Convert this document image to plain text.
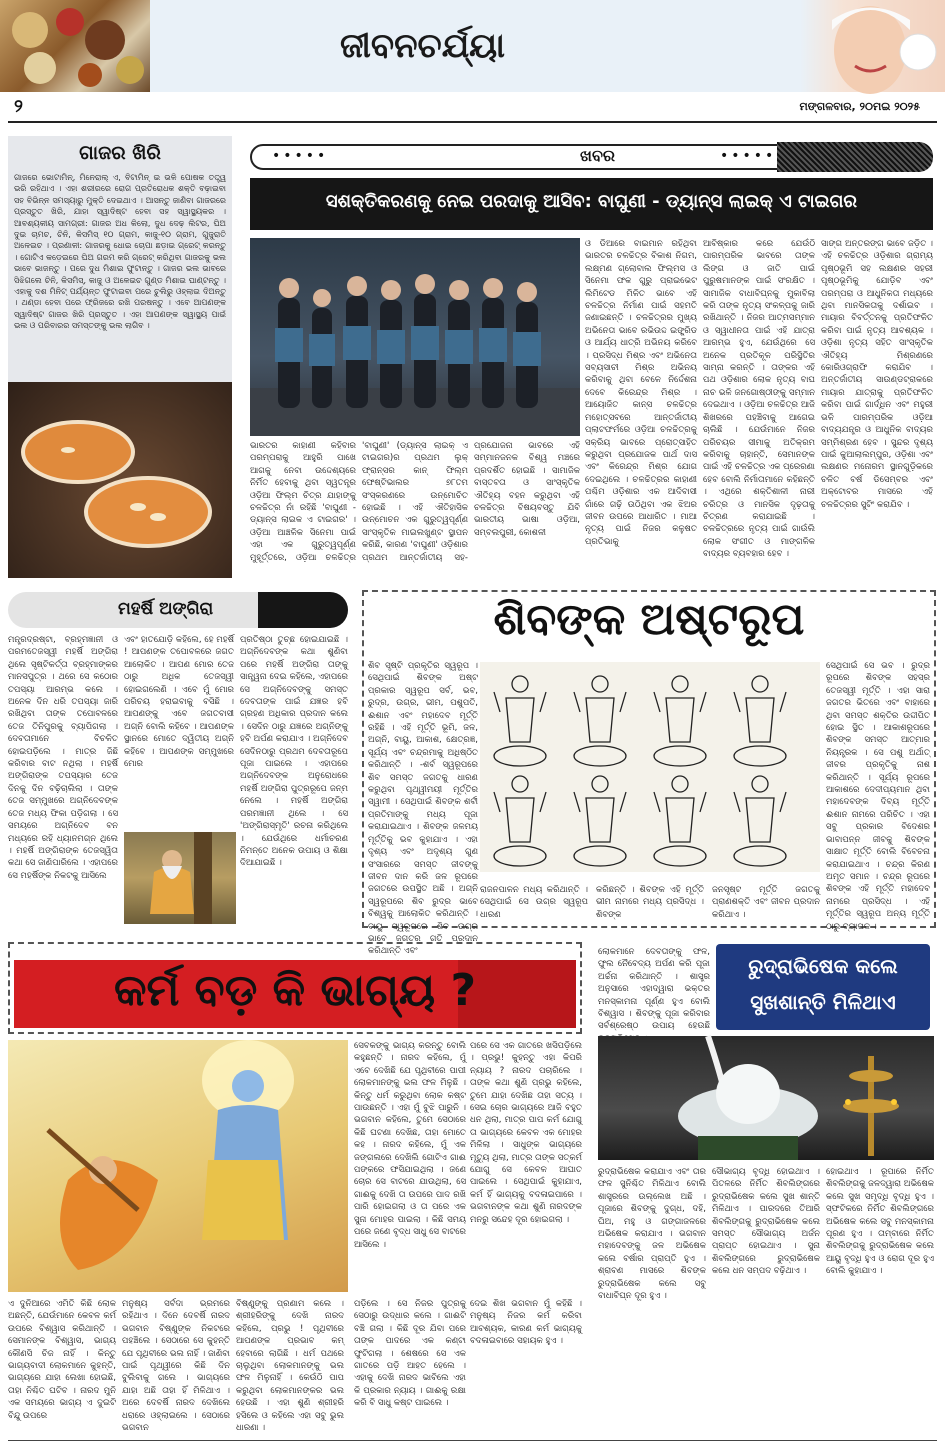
ଜୀବନଚର୍ଯ୍ୟା
୨	ମଙ୍ଗଳବାର, ୨୦ମଇ ୨୦୨୫
ଗାଜର ଖିରି
ଗାଜରେ ଭୋଟାମିନ୍, ମିନେରାଲ୍ ଏ, ବିଟାମିନ୍ ଇ ଭଳି ପୋଷକ ତତ୍ତ୍ୱ ଭରି ରହିଥାଏ । ଏହା ଶରୀରରେ ରୋଗ ପ୍ରତିରୋଧକ ଶକ୍ତି ବଢ଼ାଇବା ସହ ବିଭିନ୍ନ ସମସ୍ୟାରୁ ମୁକ୍ତି ଦେଇଥାଏ । ଆସନ୍ତୁ ଜାଣିବା ଗାଜରରେ ପ୍ରସ୍ତୁତ ଖିରି, ଯାହା ସ୍ୱାଦିଷ୍ଟ ହେବା ସହ ସ୍ୱାସ୍ଥ୍ୟକର । ଆବଶ୍ୟକୀୟ ସାମଗ୍ରୀ: ଗାଜର ଅଧ କିଲୋ, ଦୁଧ ଦେଢ଼ ଲିଟର, ଘିଅ ଦୁଇ ଚାମଚ, ଚିନି, କିସମିସ୍ ୧୦ ଗ୍ରାମ, କାଜୁ-୧୦ ଗ୍ରାମ, ଗୁଜୁରାତି ଅଳେଇଚ । ପ୍ରଣାଳୀ: ଗାଜରକୁ ଧୋଇ ଚୋପା ଛଡ଼ାଇ ଗ୍ରେଟ୍ କରନ୍ତୁ । ଗୋଟିଏ କଡ଼େଇରେ ଘିଅ ଗରମ କରି ଗ୍ରେଟ୍ କରିଥିବା ଗାଜରକୁ ଭଲ ଭାବେ ଭାଜନ୍ତୁ । ପରେ ଦୁଧ ମିଶାଇ ଫୁଟାନ୍ତୁ । ଗାଜର ଭଲ ଭାବରେ ସିଝିଗଲେ ଚିନି, କିସମିସ୍, କାଜୁ ଓ ଅଳେଇଚ ଗୁଣ୍ଡ ମିଶାଇ ଘାଣ୍ଟନ୍ତୁ । ଏହାକୁ ଦଶ ମିନିଟ୍ ପର୍ଯ୍ୟନ୍ତ ଫୁଟାଇବା ପରେ ଚୁଲିରୁ ଓହ୍ଲାଇ ଦିଅନ୍ତୁ । ଥଣ୍ଡା ହେବା ପରେ ଫ୍ରିଜରେ ରଖି ପରଷନ୍ତୁ । ଏବେ ଆପଣଙ୍କ ସ୍ୱାଦିଷ୍ଟ ଗାଜର ଖିରି ପ୍ରସ୍ତୁତ । ଏହା ଆପଣଙ୍କ ସ୍ୱାସ୍ଥ୍ୟ ପାଇଁ ଭଲ ଓ ପରିବାରର ସମସ୍ତଙ୍କୁ ଭଲ ଲାଗିବ ।
•••••	•••••
ଖବର
ସଶକ୍ତିକରଣକୁ ନେଇ ପରଦାକୁ ଆସିବ: ବାଘୁଣୀ - ଡ୍ୟାନ୍ସ ଲାଇକ୍ ଏ ଟାଇଗର
ଭାରତର କାହାଣୀ କହିବାର ପରମ୍ପରାକୁ ଆହୁରି ପାଖେ ଆଗକୁ ନେବା ଉଦ୍ଦେଶ୍ୟରେ ନିର୍ମିତ ହେବାକୁ ଥିବା ସ୍ୱତନ୍ତ୍ର ଓଡ଼ିଆ ଫିଲ୍ମ ଚିତ୍ର ଯାହାଙ୍କୁ ଚଳଚ୍ଚିତ୍ର ନାଁ ରହିଛି 'ବାଘୁଣୀ - ଡ୍ୟାନ୍ସ ଲାଇକ ଏ ଟାଇଗର' । ଓଡ଼ିଆ ଆଞ୍ଚଳିକ ସିନେମା ପାଇଁ ଏହା ଏକ ଗୁରୁତ୍ୱପୂର୍ଣ୍ଣ ମୁହୂର୍ତ୍ତରେ, ଓଡ଼ିଆ ଚଳଚ୍ଚିତ୍ର 'ବାଘୁଣୀ' (ଡ୍ୟାନ୍ସ ଲାଇକ୍ ଏ ଟାଇଗର)ର ପ୍ରଥମ ଲୁକ୍ ଫ୍ରାନ୍ସର କାନ୍ ଫିଲ୍ମ ଫେଷ୍ଟିଭାଲର ୭୮ତମ ସଂସ୍କରଣରେ ଉନ୍ମୋଚିତ ହୋଇଛି । ଏହି ଐତିହାସିକ ଉନ୍ମୋଚନ ଏକ ଗୁରୁତ୍ୱପୂର୍ଣ୍ଣ ସାଂସ୍କୃତିକ ମାଇଲଖୁଣ୍ଟ ସ୍ଥାପନ କରିଛି, କାରଣ 'ବାଘୁଣୀ' ଓଡ଼ିଶାର ପ୍ରଥମ ଆନ୍ତର୍ଜାତୀୟ ସହ-ପ୍ରଯୋଜନା ଭାବରେ ଏହି ସମ୍ମାନଜନକ ବିଶ୍ୱ ମଞ୍ଚରେ ପ୍ରଦର୍ଶିତ ହୋଇଛି । ସାମାଜିକ ବାସ୍ତବତା ଓ ସାଂସ୍କୃତିକ ଐତିହ୍ୟ ବହନ କରୁଥିବା ଏହି ଚଳଚ୍ଚିତ୍ର ବିଷୟବସ୍ତୁ ଯିବି ଭାରତୀୟ ଭାଷା ଓଡ଼ିଆ, ସମ୍ବଲପୁରୀ, କୋଶଳୀ
ଓ ଡିଆରେ ବାଇମାନ ରହିଥିବା ଭାରତର ଚଳଚ୍ଚିତ୍ର ବିକାଶ ନିଗମ, ଲକ୍ଷ୍ମଣ ଗ୍ଲୋବାଲ ଫିଲ୍ମସ ଓ ସିନେମା ଫକ ଗୁରୁ ପ୍ରାଇଭେଟ ଲିମିଟେଡ ମିଳିତ ଭାବେ ଏହି ଚଳଚ୍ଚିତ୍ର ନିର୍ମାଣ ପାଇଁ ସହମତି ଜଣାଇଛନ୍ତି । ଚଳଚ୍ଚିତ୍ରର ମୁଖ୍ୟ ଅଭିନେତା ଭାବେ ରଭିଉଦ୍ଦ ଇଙ୍ଗ୍ରିଡ ଓ ଆର୍ଯ୍ୟ ଧାତ୍ରି ଅଭିନୟ କରିବେ । ପ୍ରସିଦ୍ଧ ମିଶ୍ର ଏବଂ ଅଭିନେତା ସବ୍ୟସାଚୀ ମିଶ୍ର ଅଭିନୟ କରିବାକୁ ଥିବା ବେଳେ ନିର୍ଦ୍ଦେଶନା ଦେବେ କିରେନ୍ଦ୍ର ମିଶ୍ର । ଆୟୋଜିତ କାନ୍ସ ଚଳଚ୍ଚିତ୍ର ମହୋତ୍ସବରେ ଆନ୍ତର୍ଜାତୀୟ ପ୍ଲାଟଫର୍ମରେ ଓଡ଼ିଆ ଚଳଚ୍ଚିତ୍ରକୁ ସକ୍ରିୟ ଭାବରେ ପ୍ରୋତ୍ସାହିତ କରୁଥିବା ପ୍ରଯୋଜକ ପାର୍ଥ ଦାସ ଏବଂ କିରେନ୍ଦ୍ର ମିଶ୍ର ଯୋଗ ଦେଇଥିଲେ । ଚଳଚ୍ଚିତ୍ରର କାହାଣୀ ପଶ୍ଚିମ ଓଡ଼ିଶାର ଏକ ଆଦିବାସୀ ଗାଁରେ ଗଢ଼ି ଉଠିଥିବା ଏକ ଝିଅର ଜୀବନ ଉପରେ ଆଧାରିତ । ମାଆ ନୃତ୍ୟ ପାଇଁ ନିଜର କଳୁଷତ ପ୍ରତିଭାକୁ
ଆବିଷ୍କାର କରେ ଯେଉଁଠି ପାରମ୍ପରିକ ଭାବରେ ତାଙ୍କ ଲିଙ୍ଗ ଓ ଜାତି ପାଇଁ ପୁରୁଷମାନଙ୍କ ପାଇଁ ସଂରକ୍ଷିତ । ସାମାଜିକ ବାଧାବିଘ୍ନକୁ ମୁକାବିଲା କରି ତାଙ୍କ ନୃତ୍ୟ ସଂକଳ୍ପକୁ ଜାରି ରଖିଥାନ୍ତି । ନିଜର ଆତ୍ମସମ୍ମାନ ଓ ସ୍ୱାଧୀନତା ପାଇଁ ଏହି ଯାତ୍ରା ଆରମ୍ଭ ହୁଏ, ଯେଉଁଥିରେ ସେ ଅନେକ ପ୍ରତିକୂଳ ପରିସ୍ଥିତିର ସାମ୍ନା କରନ୍ତି । ତାଙ୍କର ଏହି ପଥ ଓଡ଼ିଶାର ଲୋକ ନୃତ୍ୟ ବାଘ ନାଚ ଭଳି ଜନଗୋଷ୍ଠୀଙ୍କୁ ସମ୍ମାନ ଦେଇଥାଏ । ଓଡ଼ିଆ ଚଳଚ୍ଚିତ୍ର ଆଜି ଶିଖରରେ ପହଞ୍ଚିବାକୁ ଆଗେଇ ଚାଲିଛି । ଯେଉଁମାନେ ନିଜର ପରିଚୟର ସୀମାକୁ ଅତିକ୍ରମ କରିବାକୁ ଚାହାନ୍ତି, ସେମାନଙ୍କ ପାଇଁ ଏହି ଚଳଚ୍ଚିତ୍ର ଏକ ପ୍ରେରଣା ହେବ ବୋଲି ନିର୍ମାତାମାନେ କହିଛନ୍ତି । ଏଥିରେ ଶକ୍ତିଶାଳୀ ନାରୀ ଚରିତ୍ର ଓ ମାନସିକ ଦୃଢ଼ତାକୁ ଚିତ୍ରଣ କରାଯାଇଛି । ଚଳଚ୍ଚିତ୍ରରେ ନୃତ୍ୟ ପାଇଁ ଗାଉଁଲି ଲୋକ ସଂଗୀତ ଓ ମାଙ୍ଗଳିକ ବାଦ୍ୟର ବ୍ୟବହାର ହେବ ।
ସାଙ୍ଗ ଅନ୍ତରଙ୍ଗ ଭାବେ ଜଡ଼ିତ । ଏହି ଚଳଚ୍ଚିତ୍ର ଓଡ଼ିଶାର ଗ୍ରାମ୍ୟ ପୃଷ୍ଠଭୂମି ସହ ଲକ୍ଷଣର ସହରୀ ପୃଷ୍ଠଭୂମିକୁ ଯୋଡ଼ିବ ଏବଂ ପରମ୍ପରା ଓ ଆଧୁନିକତା ମଧ୍ୟରେ ଥିବା ମାନସିକତାକୁ ଦର୍ଶାଇବ । ମାୟାର ବିବର୍ତ୍ତନକୁ ପ୍ରତିଫଳିତ କରିବା ପାଇଁ ନୃତ୍ୟ ଆବଶ୍ୟକ । ଓଡ଼ିଶା ନୃତ୍ୟ ସହିତ ସାଂସ୍କୃତିକ ଐତିହ୍ୟ ମିଶ୍ରଣରେ କୋରିଓଗ୍ରାଫି କରାଯିବ । ଅନ୍ତର୍ଜାତୀୟ ସାଉଣ୍ଡଟ୍ରାକରେ ମାୟାର ଯାତ୍ରାକୁ ପ୍ରତିଫଳିତ କରିବା ପାଇଁ ଗାର୍ଦ୍ଧିନ ଏବଂ ମହୁରୀ ଭଳି ପାରମ୍ପରିକ ଓଡ଼ିଆ ବାଦ୍ୟଯନ୍ତ୍ର ଓ ଆଧୁନିକ ବାଦ୍ୟର ସମ୍ମିଶ୍ରଣ ହେବ । ସୁନ୍ଦର ଦୃଶ୍ୟ ପାଇଁ କୁଆଲାଲମ୍ପୁର, ଓଡ଼ିଶା ଏବଂ ଲକ୍ଷଣର ମନୋରମ ସ୍ଥାନଗୁଡ଼ିକରେ ଚଳିତ ବର୍ଷ ଡିସେମ୍ବର ଏବଂ ଅକ୍ଟୋବର ମାସରେ ଏହି ଚଳଚ୍ଚିତ୍ରର ସୁଟିଂ କରାଯିବ ।
ମହର୍ଷି ଅଙ୍ଗିରା
ମନ୍ତ୍ରଦ୍ରଷ୍ଟା, ବ୍ରହ୍ମଜ୍ଞାନୀ ଓ ପରମତେଜସ୍ୱୀ ମହର୍ଷି ଅଙ୍ଗିରା ଥିଲେ ସୃଷ୍ଟିକର୍ତ୍ତା ବ୍ରହ୍ମାଙ୍କର ମାନସପୁତ୍ର । ଥରେ ସେ କଠୋର ତପସ୍ୟା ଆରମ୍ଭ କଲେ । ଅନେକ ଦିନ ଧରି ତପସ୍ୟା ଜାରି ରଖିଥିବା ତାଙ୍କ ତପୋବଳରେ ତେଜ ତିନିପୁରକୁ ବ୍ୟାପିଗଲା । ଦେବତାମାନେ ବିଚଳିତ ହୋଇପଡ଼ିଲେ । ମାତ୍ର ଜିଛି କରିବାର ବାଟ ନଥିଲା । ମହର୍ଷି ଅଙ୍ଗିରାଙ୍କ ତପସ୍ୟାର ତେଜ ଦିନକୁ ଦିନ ବଢ଼ିଚାଲିଲା । ତାଙ୍କ ତେଜ ସମ୍ମୁଖରେ ଅଗ୍ନିଦେବଙ୍କ ତେଜ ମଧ୍ୟ ଫିକା ପଡ଼ିଗଲା । ସେ ସମୟରେ ଅଗ୍ନିଦେବ ବନ ମଧ୍ୟରେ ରହି ଧ୍ୟାନମଗ୍ନ ଥିଲେ । ମହର୍ଷି ଅଙ୍ଗିରାଙ୍କ ତେଜସ୍ୱିତା କଥା ସେ ଜାଣିପାରିଲେ । ଏହାପରେ ସେ ମହର୍ଷିଙ୍କ ନିକଟକୁ ଆସିଲେ
ଏବଂ ହାତଯୋଡ଼ି କହିଲେ, ହେ ମହର୍ଷି ! ଆପଣଙ୍କ ତପୋବଳରେ ଜଗତ ଆଲୋକିତ । ଆପଣ ମୋର ତେଜ ଠାରୁ ଅଧିକ ତେଜସ୍ୱୀ ହୋଇଗଲେଣି । ଏବେ ମୁଁ ମୋର ପରିଚୟ ହରାଇବାକୁ ବସିଛି । ଆପଣଙ୍କୁ ଏବେ ଜଗତବାସୀ ଅଗ୍ନି ବୋଲି କହିବେ । ଆପଣଙ୍କ ସ୍ଥାନରେ ମୋତେ ଦ୍ୱିତୀୟ ଅଗ୍ନି କହିବେ । ଆପଣଙ୍କ ସମ୍ମୁଖରେ ମୋର
ପ୍ରତିଷ୍ଠା ତୁଚ୍ଛ ହୋଇଯାଇଛି । ଅଗ୍ନିଦେବଙ୍କ କଥା ଶୁଣିବା ପରେ ମହର୍ଷି ଅଙ୍ଗିରା ତାଙ୍କୁ ସାନ୍ତ୍ୱନା ଦେଇ କହିଲେ, ଏହାପରେ ସେ ଅଗ୍ନିଦେବଙ୍କୁ ସମସ୍ତ ଦେବତାଙ୍କ ପାଇଁ ଯଜ୍ଞର ହବି ଗ୍ରହଣ ଅଧିକାର ପ୍ରଦାନ କଲେ । ସେଦିନ ଠାରୁ ଯଜ୍ଞରେ ଅଗ୍ନିଙ୍କୁ ହବି ଅର୍ପଣ କରାଯାଏ । ଅଗ୍ନିଦେବ ସେଦିନଠାରୁ ପ୍ରଥମ ଦେବତାରୂପେ ପୂଜା ପାଇଲେ । ଏହାପରେ ଅଗ୍ନିଦେବଙ୍କ ଅନୁରୋଧରେ ମହର୍ଷି ଅଙ୍ଗିରା ପୁତ୍ରରୂପେ ଜନ୍ମ ନେଲେ । ମହର୍ଷି ଅଙ୍ଗିରା ପରମଜ୍ଞାନୀ ଥିଲେ । ସେ 'ଅଙ୍ଗିରାସ୍ମୃତି' ରଚନା କରିଥିଲେ । ଯେଉଁଥିରେ ଧର୍ମାଚରଣ ନିମନ୍ତେ ଅନେକ ଉପାୟ ଓ ଶିକ୍ଷା ଦିଆଯାଇଛି ।
ଶିବଙ୍କ ଅଷ୍ଟରୂପ
ଶିବ ସୃଷ୍ଟି ପ୍ରକୃତିର ସ୍ୱରୂପ । ସେଥିପାଇଁ ଶିବଙ୍କ ଅଷ୍ଟ ପ୍ରକାର ସ୍ୱରୂପ ସର୍ବ, ଭବ, ରୁଦ୍ର, ଉଗ୍ର, ଭୀମ, ପଶୁପତି, ଈଶାନ ଏବଂ ମହାଦେବ ମୂର୍ତ୍ତି ରହିଛି । ଏହି ମୂର୍ତ୍ତି ଭୂମି, ଜଳ, ଅଗ୍ନି, ବାୟୁ, ଆକାଶ, କ୍ଷେତ୍ରଜ୍ଞ, ସୂର୍ଯ୍ୟ ଏବଂ ଚନ୍ଦ୍ରମାକୁ ଅଧିଷ୍ଠିତ କରିଥାନ୍ତି । -ଶର୍ବ ସ୍ୱରୂପରେ ଶିବ ସମସ୍ତ ଜଗତକୁ ଧାରଣ କରୁଥିବା ପୃଥ୍ୱୀମୟୀ ମୂର୍ତ୍ତିର ସ୍ୱାମୀ । ସେଥିପାଇଁ ଶିବଙ୍କ ଶର୍ବୀ ପ୍ରତିମାଙ୍କୁ ମଧ୍ୟ ପୂଜା କରାଯାଇଥାଏ । ଶିବଙ୍କ ଜଳମୟ ମୂର୍ତ୍ତିକୁ ଭବ କୁହାଯାଏ । ଏହା ଦୃଶ୍ୟ ଏବଂ ଅଦୃଶ୍ୟ ଗୁଣ ସଂସାରରେ ସମସ୍ତ ଜୀବଙ୍କୁ ଜୀବନ ଦାନ କରି ଜଳ ରୂପରେ ଜଗତରେ ଉପସ୍ଥିତ ଅଛି । ଅଗ୍ନି ସ୍ୱରୂପରେ ଶିବ ରୁଦ୍ର ଭାବେ ବିଶ୍ୱକୁ ଆଲୋକିତ କରିଥାନ୍ତି । ବାୟୁ ସ୍ୱରୂପରେ ଶିବ ଉଗ୍ର ଭାବେ ଜଗତର ଗତି ପ୍ରଦାନ କରିଥାନ୍ତି ଏବଂ
ରାଜନପାଳନ ମଧ୍ୟ କରିଥାନ୍ତି । ସେଥିପାଇଁ ସେ ଉଗ୍ର ସ୍ୱରୂପ ଧାରଣ
କରିଛନ୍ତି । ଶିବଙ୍କ ଏହି ମୂର୍ତ୍ତି ଭୀମ ନାମରେ ମଧ୍ୟ ପ୍ରସିଦ୍ଧ । ଶିବଙ୍କ
ଜନସୃଷ୍ଟ ମୂର୍ତ୍ତି ଜଗତକୁ ପ୍ରାଣଶକ୍ତି ଏବଂ ଜୀବନ ପ୍ରଦାନ କରିଥାଏ ।
ସେଥିପାଇଁ ସେ ଭବ । ରୁଦ୍ର ରୂପରେ ଶିବଙ୍କ ସହସ୍ର ତେଜସ୍ୱୀ ମୂର୍ତ୍ତି । ଏହା ସାରା ଜଗତର ଭିତରେ ଏବଂ ବାହାରେ ଥିବା ସମସ୍ତ ଶକ୍ତିର ଉଦ୍ଦୀପିତ ହୋଇ ସ୍ଥିତ । ଆକାଶରୂପରେ ଶିବଙ୍କ ସମସ୍ତ ଆତ୍ମାର ନିୟନ୍ତ୍ରକ । ସେ ପଶୁ ଅର୍ଥାତ୍ ଜୀବର ପ୍ରକୃତିକୁ ନାଶ କରିଥାନ୍ତି । ସୂର୍ଯ୍ୟ ରୂପରେ ଆକାଶରେ ଦେଦୀପ୍ୟମାନ ଥିବା ମହାଦେବଙ୍କ ଦିବ୍ୟ ମୂର୍ତ୍ତି ଈଶାନ ନାମରେ ପରିଚିତ । ଏହା ସବୁ ପ୍ରକାର ବିଦେଶର ଭାବାପନ୍ନ ଜୀବକୁ ଶିବଙ୍କ ସାକ୍ଷାତ ମୂର୍ତ୍ତି ବୋଲି ବିବେଚନା କରାଯାଇଥାଏ । ଚନ୍ଦ୍ର କିରଣ ଅମୃତ ସମାନ । ଚନ୍ଦ୍ର ରୂପରେ ଶିବଙ୍କ ଏହି ମୂର୍ତ୍ତି ମହାଦେବ ନାମରେ ପ୍ରସିଦ୍ଧ । ଏହି ମୂର୍ତ୍ତିର ସ୍ୱରୂପ ଅନ୍ୟ ମୂର୍ତ୍ତି ଠାରୁ ବ୍ୟାପକ ।
କର୍ମ ବଡ଼ କି ଭାଗ୍ୟ ?
ସେବକଙ୍କୁ ଭାଗ୍ୟ କରନ୍ତୁ ବୋଲି କହୁଛନ୍ତି । ନାରଦ କହିଲେ, ମୁଁ ଏବେ ଦେଖିଛି ଯେ ପୃଥିବୀରେ ପାପୀ ଲୋକମାନଙ୍କୁ ଭଲ ଫଳ ମିଳୁଛି । କିନ୍ତୁ ଧର୍ମ କରୁଥିବା ଲୋକ କଷ୍ଟ ପାଉଛନ୍ତି । ଏହା ମୁଁ ବୁଝି ପାରୁନି । ଭଗବାନ କହିଲେ, ତୁମେ ସେଠାରେ କିଛି ଘଟଣା ଦେଖିଛ, ତାହା ମୋତେ କହ । ନାରଦ କହିଲେ, ମୁଁ ଏକ ଜଙ୍ଗଲରେ ଦେଖିଲି ଗୋଟିଏ ଗାଈ ପଙ୍କରେ ଫସିଯାଇଥିଲା । ଜଣେ ଚୋର ସେ ବାଟରେ ଯାଉଥିଲା, ସେ ଗାଈକୁ ଦେଖି ତା ଉପରେ ପାଦ ରଖି ପାରି ହୋଇଗଲା ଓ ତା ପରେ ଏକ ସୁନା ମୋହର ପାଇଲା । କିଛି ସମୟ ପରେ ଜଣେ ବୃଦ୍ଧ ସାଧୁ ସେ ବାଟରେ ଆସିଲେ ।
ପରେ ସେ ଏକ ଗାତରେ ଖସିପଡ଼ିଲେ । ପ୍ରଭୁ! କୁହନ୍ତୁ ଏହା କିପରି ନ୍ୟାୟ ? ନାରଦ ପଚାରିଲେ । ତାଙ୍କ କଥା ଶୁଣି ପ୍ରଭୁ କହିଲେ, ତୁମେ ଯାହା ଦେଖିଛ ତାହା ସତ୍ୟ । ସେଇ ଚୋର ଭାଗ୍ୟରେ ଆଜି ବହୁତ ଧନ ଥିଲା, ମାତ୍ର ପାପ କର୍ମ ଯୋଗୁ ତା ଭାଗ୍ୟରେ କେବଳ ଏକ ମୋହର ମିଳିଲା । ସାଧୁଙ୍କ ଭାଗ୍ୟରେ ମୃତ୍ୟୁ ଥିଲା, ମାତ୍ର ତାଙ୍କ ସତ୍କର୍ମ ଯୋଗୁ ସେ କେବଳ ଆଘାତ ପାଇଲେ । ସେଥିପାଇଁ କୁହାଯାଏ, କର୍ମ ହିଁ ଭାଗ୍ୟକୁ ବଦଳାଇପାରେ । ଭଗବାନଙ୍କ କଥା ଶୁଣି ନାରଦଙ୍କ ମନରୁ ସନ୍ଦେହ ଦୂର ହୋଇଗଲା ।
ଏ ଦୁନିଆରେ ଏମିତି କିଛି ଲୋକ ଅଛନ୍ତି, ଯେଉଁମାନେ କେବଳ କର୍ମ ଉପରେ ବିଶ୍ୱାସ କରିଥାନ୍ତି । ସେମାନଙ୍କ ବିଶ୍ୱାସ, ଭାଗ୍ୟ କୌଣସି ଚିଜ ନାହିଁ । କିନ୍ତୁ ଭାଗ୍ୟବାଦୀ ଲୋକମାନେ କୁହନ୍ତି, ଭାଗ୍ୟରେ ଯାହା ଲେଖା ହୋଇଛି, ତାହା ନିଶ୍ଚିତ ଘଟିବ । ନାରଦ ମୁନି ଏକ ସମୟରେ ଭାଗ୍ୟ ଏ ଦୁଇଟି ବିନ୍ଦୁ ଉପରେ
ମନୁଷ୍ୟ ସର୍ବଦା ଭ୍ରମରେ ରହିଥାଏ । ଦିନେ ଦେବର୍ଷି ନାରଦ ଭଗବାନ ବିଷ୍ଣୁଙ୍କ ନିକଟରେ ପହଞ୍ଚିଲେ । ସେଠାରେ ସେ କୁହନ୍ତି ଯେ ପୃଥିବୀରେ ଭଲ ନାହିଁ । ଜାଣିବା ପାଇଁ ପୃଥ୍ୱୀରେ କିଛି ଦିନ ବୁଲିବାକୁ ଗଲେ । ଭାଗ୍ୟରେ ଯାହା ଅଛି ତାହା ହିଁ ମିଳିଥାଏ । ଅରେ ଦେବର୍ଷି ନାରଦ ଦେଖିଲେ ଧରାରେ ଓହ୍ଲାଇଲେ । ସେଠାରେ ଭଗବାନ
ବିଷ୍ଣୁଙ୍କୁ ପ୍ରଣାମ କଲେ । ଶ୍ରୀହରିଙ୍କୁ ଦେଖି ନାରଦ କହିଲେ, ପ୍ରଭୁ ! ପୃଥିବୀରେ ଆପଣଙ୍କ ପ୍ରଭାବ କମ୍ ହେବାରେ ଲାଗିଛି । ଧର୍ମ ପଥରେ ଚାଲୁଥିବା ଲୋକମାନଙ୍କୁ ଭଲ ଫଳ ମିଳୁନାହିଁ । କେଉଁଠି ପାପ କରୁଥିବା ଲୋକମାନଙ୍କର ଭଲ ହେଉଛି । ଏହା ଶୁଣି ଶ୍ରୀହରି ହସିଲେ ଓ କହିଲେ ଏହା ସବୁ ଭୁଲ ଧାରଣା ।
ପଡ଼ିଲେ । ସେ ନିଜର ପୁତ୍ରକୁ ସେଠାରୁ ଉଦ୍ଧାର କଲେ । ଗାଈଟି ବଞ୍ଚି ଗଲା । କିଛି ଦୂର ଯିବା ପରେ ତାଙ୍କ ପାଦରେ ଏକ କଣ୍ଟା ଫୁଟିଗଲା । ଶେଷରେ ସେ ଏକ ଗାତରେ ପଡ଼ି ଆହତ ହେଲେ । ଏହାକୁ ଦେଖି ନାରଦ ଭାବିଲେ ଏହା କି ପ୍ରକାର ନ୍ୟାୟ । ଗାଈକୁ ରକ୍ଷା କରି ବି ସାଧୁ କଷ୍ଟ ପାଇଲେ ।
ଦେଇ ଶିଖ ଭଗବାନ ମୁଁ କହିଛି । ମନୁଷ୍ୟ ନିଜର କର୍ମ କରିବା ଆବଶ୍ୟକ, କାରଣ କର୍ମ ଭାଗ୍ୟକୁ ବଦଳାଇବାରେ ସହାୟକ ହୁଏ ।
ଲୋକମାନେ ଦେବତାଙ୍କୁ ଫଳ, ଫୁଲ ନୈବେଦ୍ୟ ଅର୍ପଣ କରି ପୂଜା ଅର୍ଚ୍ଚନା କରିଥାନ୍ତି । ଶାସ୍ତ୍ର ଅନୁସାରେ ଏହାଦ୍ୱାରା ଭକ୍ତର ମନସ୍କାମନା ପୂର୍ଣ୍ଣ ହୁଏ ବୋଲି ବିଶ୍ୱାସ । ଶିବଙ୍କୁ ପୂଜା କରିବାର ସର୍ବଶ୍ରେଷ୍ଠ ଉପାୟ ହେଉଛି
ରୁଦ୍ରାଭିଷେକ କଲେ
ସୁଖଶାନ୍ତି ମିଳିଥାଏ
ରୁଦ୍ରାଭିଷେକ କରାଯାଏ ଏବଂ ତାର ଫଳ ସୁନିଶ୍ଚିତ ମିଳିଥାଏ ବୋଲି ଶାସ୍ତ୍ରରେ ଉଲ୍ଲେଖ ଅଛି । ପୂଜାରେ ଶିବଙ୍କୁ ଦୁଗ୍ଧ, ଦହି, ଘିଅ, ମହୁ ଓ ଗଙ୍ଗାଜଳରେ ଅଭିଷେକ କରାଯାଏ । ଭଗବାନ ମହାଦେବଙ୍କୁ ଜଳ ଅଭିଷେକ କଲେ ବର୍ଷାର ପ୍ରାପ୍ତି ହୁଏ । ଶ୍ରାବଣ ମାସରେ ଶିବଙ୍କ ରୁଦ୍ରାଭିଷେକ କଲେ ସବୁ ବାଧାବିଘ୍ନ ଦୂର ହୁଏ ।
ସୌଭାଗ୍ୟ ବୃଦ୍ଧି ହୋଇଥାଏ । ପିତଳରେ ନିର୍ମିତ ଶିବଲିଙ୍ଗରେ ରୁଦ୍ରାଭିଷେକ କଲେ ସୁଖ ଶାନ୍ତି ମିଳିଥାଏ । ପାରଦରେ ତିଆରି ଶିବଲିଙ୍ଗକୁ ରୁଦ୍ରାଭିଷେକ କଲେ ସମସ୍ତ ସୌଭାଗ୍ୟ ଅର୍ଜନ ପ୍ରାପ୍ତ ହୋଇଥାଏ । ସୁନା ଶିବଲିଙ୍ଗରେ ରୁଦ୍ରାଭିଷେକ କଲେ ଧନ ସମ୍ପଦ ବଢ଼ିଥାଏ ।
ହୋଇଥାଏ । ରୂପାରେ ନିର୍ମିତ ଶିବଲିଙ୍ଗକୁ ଜଳଦ୍ୱାରା ଅଭିଷେକ କଲେ ସୁଖ ସମୃଦ୍ଧି ବୃଦ୍ଧି ହୁଏ । ସ୍ଫଟିକରେ ନିର୍ମିତ ଶିବଲିଙ୍ଗରେ ଅଭିଷେକ କଲେ ସବୁ ମନସ୍କାମନା ପୂରଣ ହୁଏ । ତାମ୍ବାରେ ନିର୍ମିତ ଶିବଲିଙ୍ଗକୁ ରୁଦ୍ରାଭିଷେକ କଲେ ଆୟୁ ବୃଦ୍ଧି ହୁଏ ଓ ରୋଗ ଦୂର ହୁଏ ବୋଲି କୁହାଯାଏ ।
